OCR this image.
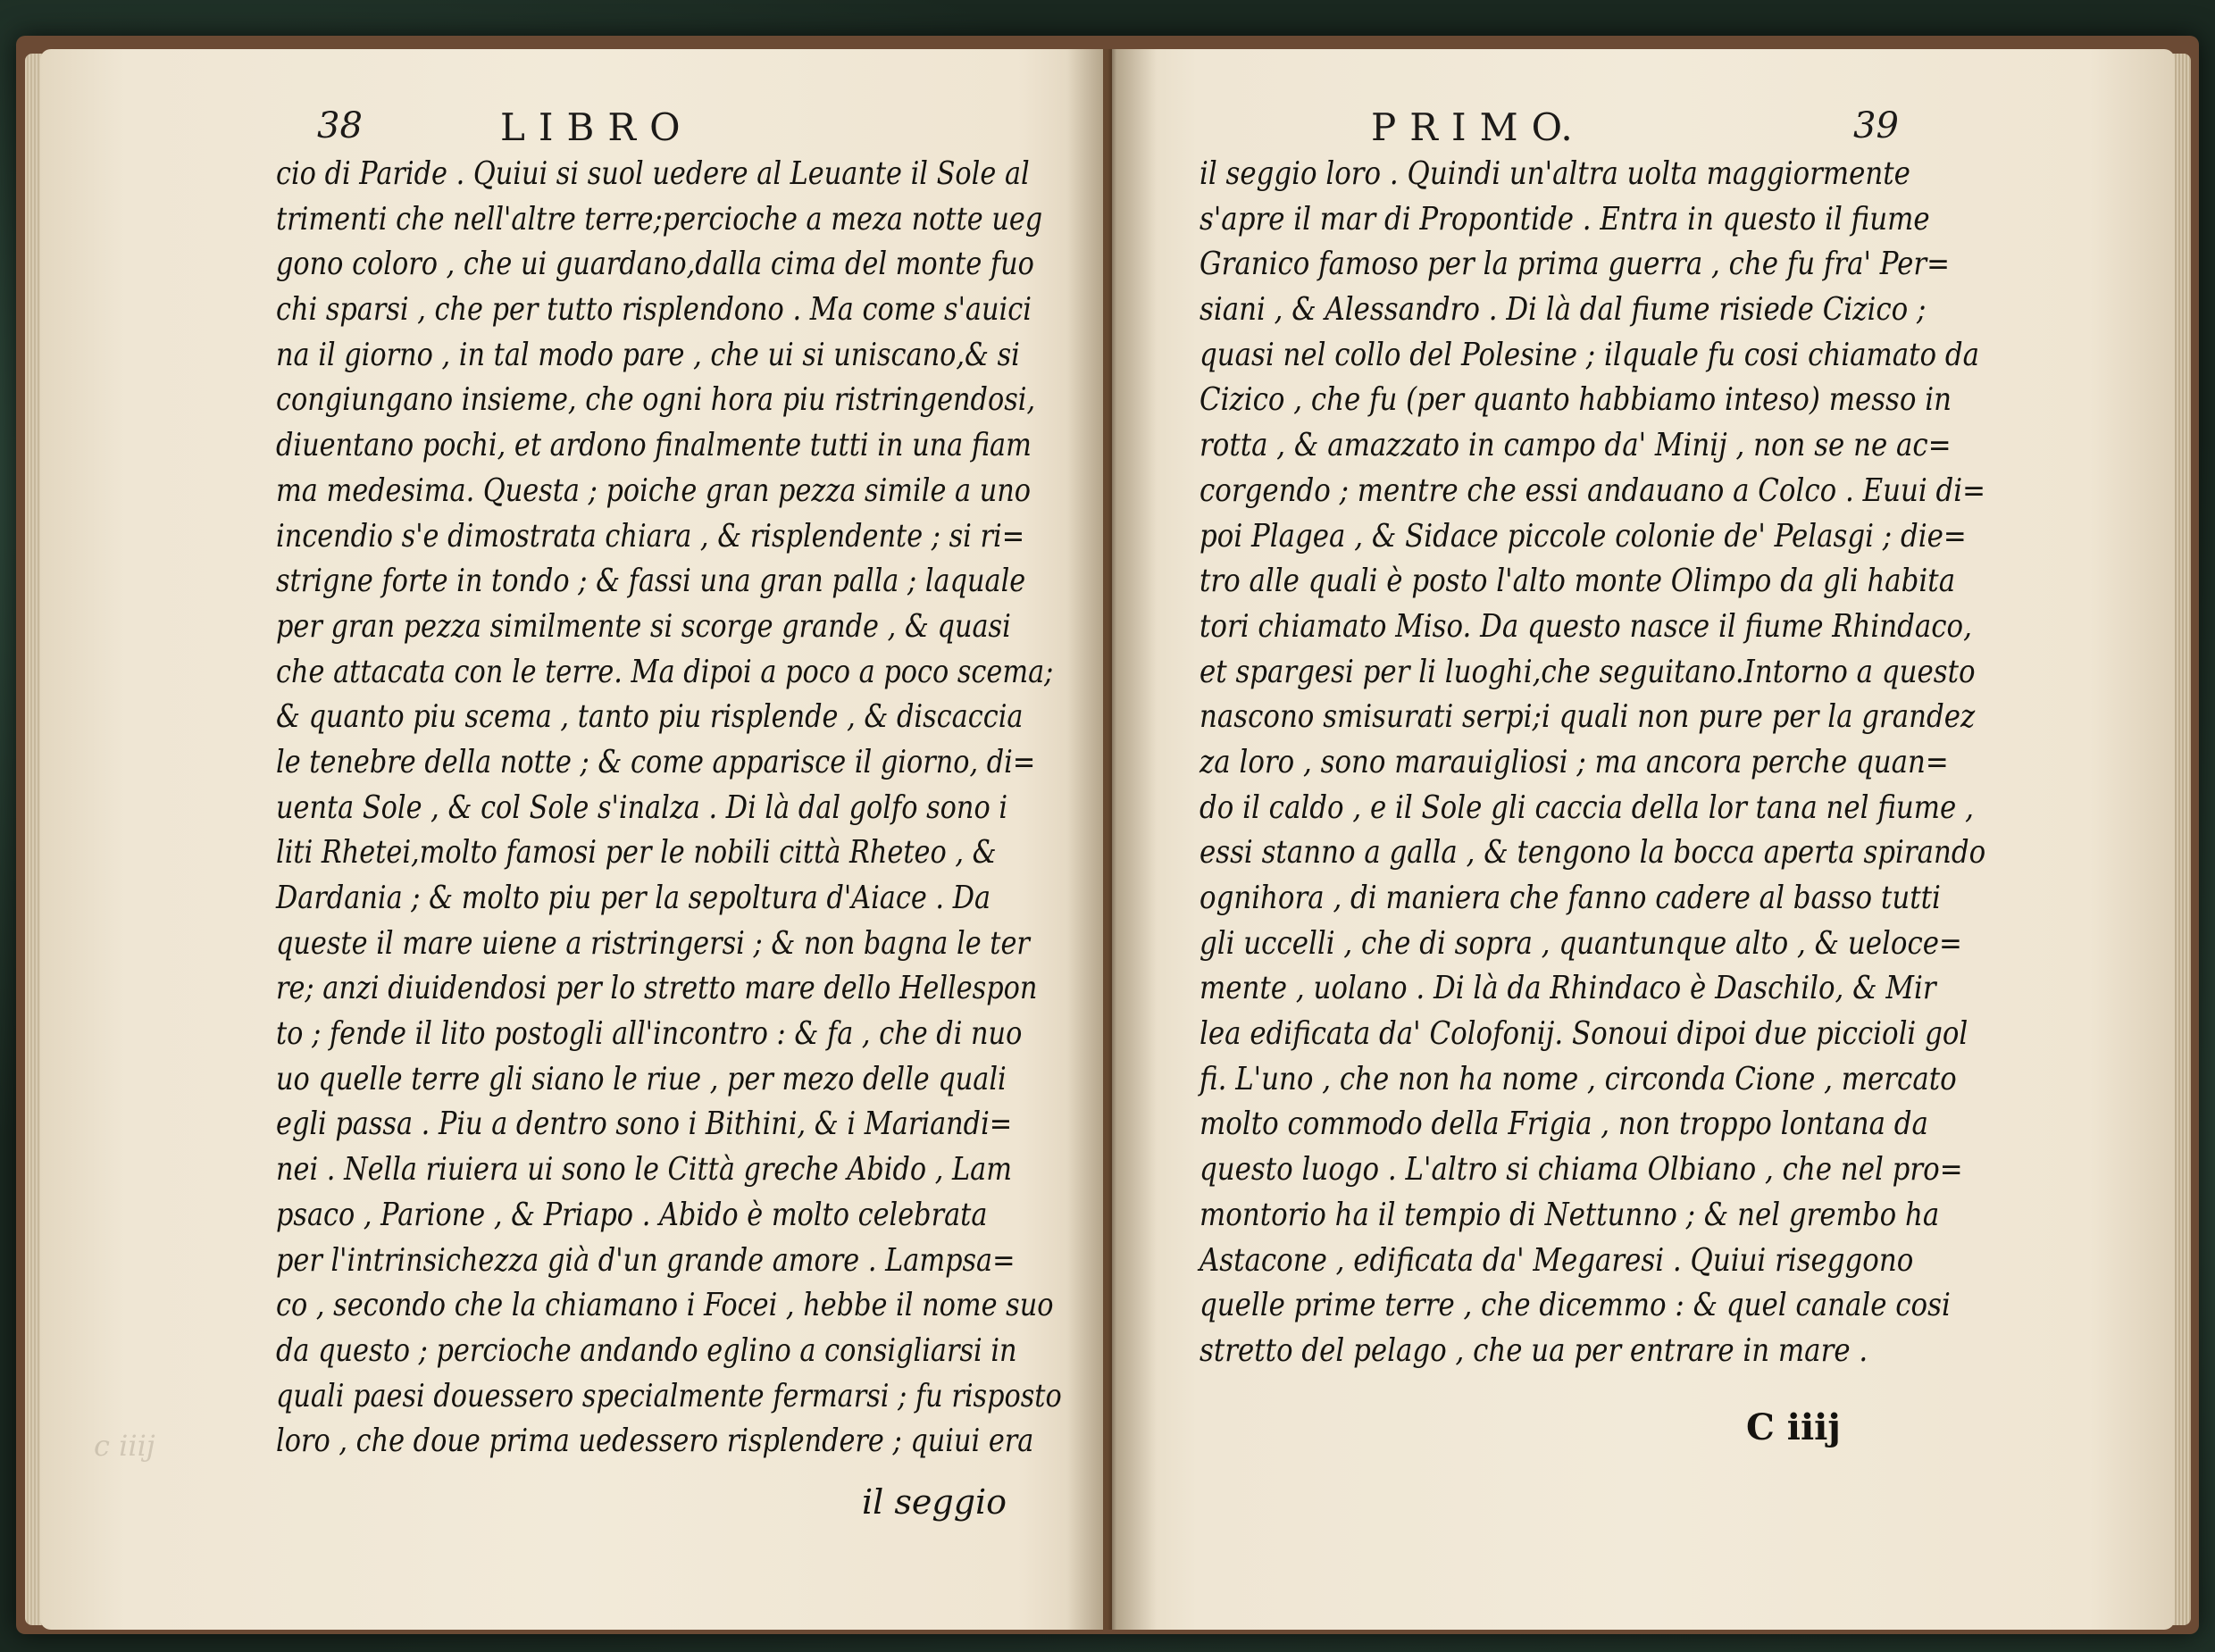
c iiij

38	L I B R O

cio di Paride . Quiui si suol uedere al Leuante il Sole al
trimenti che nell'altre terre;percioche a meza notte ueg
gono coloro , che ui guardano,dalla cima del monte fuo
chi sparsi , che per tutto risplendono . Ma come s'auici
na il giorno , in tal modo pare , che ui si uniscano,& si
congiungano insieme, che ogni hora piu ristringendosi,
diuentano pochi, et ardono finalmente tutti in una fiam
ma medesima. Questa ; poiche gran pezza simile a uno
incendio s'e dimostrata chiara , & risplendente ; si ri=
strigne forte in tondo ; & fassi una gran palla ; laquale
per gran pezza similmente si scorge grande , & quasi
che attacata con le terre. Ma dipoi a poco a poco scema;
& quanto piu scema , tanto piu risplende , & discaccia
le tenebre della notte ; & come apparisce il giorno, di=
uenta Sole , & col Sole s'inalza . Di là dal golfo sono i
liti Rhetei,molto famosi per le nobili città Rheteo , &
Dardania ; & molto piu per la sepoltura d'Aiace . Da
queste il mare uiene a ristringersi ; & non bagna le ter
re; anzi diuidendosi per lo stretto mare dello Hellespon
to ; fende il lito postogli all'incontro : & fa , che di nuo
uo quelle terre gli siano le riue , per mezo delle quali
egli passa . Piu a dentro sono i Bithini, & i Mariandi=
nei . Nella riuiera ui sono le Città greche Abido , Lam
psaco , Parione , & Priapo . Abido è molto celebrata
per l'intrinsichezza già d'un grande amore . Lampsa=
co , secondo che la chiamano i Focei , hebbe il nome suo
da questo ; percioche andando eglino a consigliarsi in
quali paesi douessero specialmente fermarsi ; fu risposto
loro , che doue prima uedessero risplendere ; quiui era

il seggio

P R I M O.	39

il seggio loro . Quindi un'altra uolta maggiormente
s'apre il mar di Propontide . Entra in questo il fiume
Granico famoso per la prima guerra , che fu fra' Per=
siani , & Alessandro . Di là dal fiume risiede Cizico ;
quasi nel collo del Polesine ; ilquale fu cosi chiamato da
Cizico , che fu (per quanto habbiamo inteso) messo in
rotta , & amazzato in campo da' Minij , non se ne ac=
corgendo ; mentre che essi andauano a Colco . Euui di=
poi Plagea , & Sidace piccole colonie de' Pelasgi ; die=
tro alle quali è posto l'alto monte Olimpo da gli habita
tori chiamato Miso. Da questo nasce il fiume Rhindaco,
et spargesi per li luoghi,che seguitano.Intorno a questo
nascono smisurati serpi;i quali non pure per la grandez
za loro , sono marauigliosi ; ma ancora perche quan=
do il caldo , e il Sole gli caccia della lor tana nel fiume ,
essi stanno a galla , & tengono la bocca aperta spirando
ognihora , di maniera che fanno cadere al basso tutti
gli uccelli , che di sopra , quantunque alto , & ueloce=
mente , uolano . Di là da Rhindaco è Daschilo, & Mir
lea edificata da' Colofonij. Sonoui dipoi due piccioli gol
fi. L'uno , che non ha nome , circonda Cione , mercato
molto commodo della Frigia , non troppo lontana da
questo luogo . L'altro si chiama Olbiano , che nel pro=
montorio ha il tempio di Nettunno ; & nel grembo ha
Astacone , edificata da' Megaresi . Quiui riseggono
quelle prime terre , che dicemmo : & quel canale cosi
stretto del pelago , che ua per entrare in mare .

C iiij
